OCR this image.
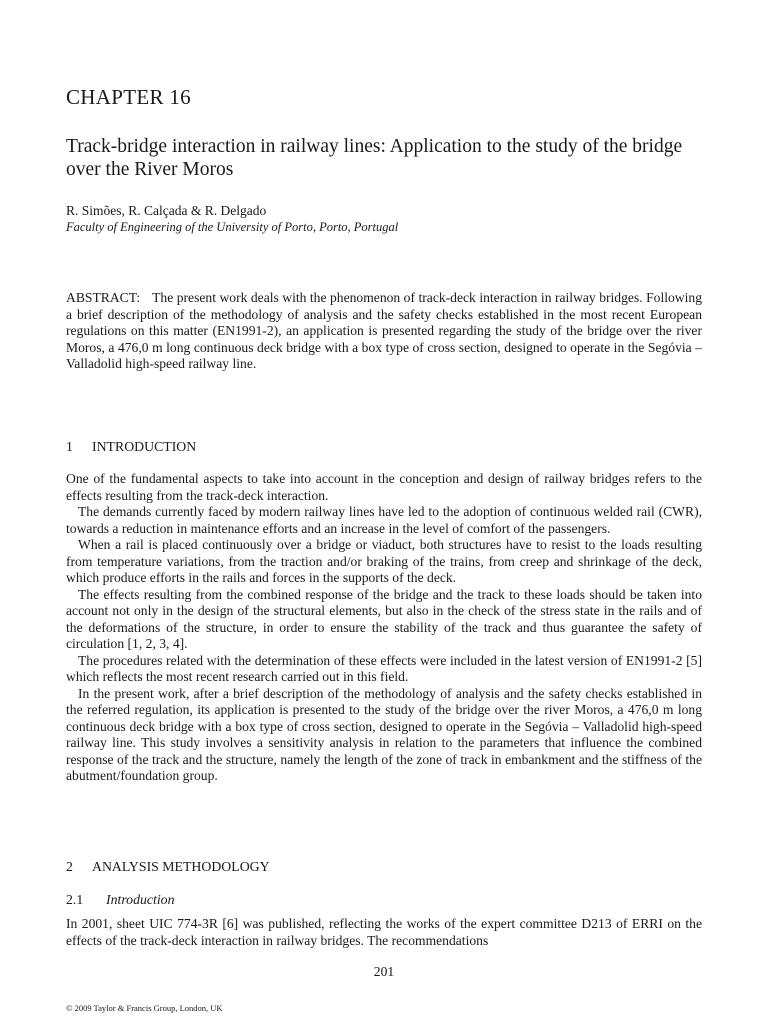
CHAPTER 16
Track-bridge interaction in railway lines: Application to the study of the bridge over the River Moros

R. Simões, R. Calçada & R. Delgado

Faculty of Engineering of the University of Porto, Porto, Portugal

ABSTRACT: The present work deals with the phenomenon of track-deck interaction in railway bridges. Following a brief description of the methodology of analysis and the safety checks established in the most recent European regulations on this matter (EN1991-2), an application is presented regarding the study of the bridge over the river Moros, a 476,0 m long continuous deck bridge with a box type of cross section, designed to operate in the Segóvia – Valladolid high-speed railway line.

1 INTRODUCTION

One of the fundamental aspects to take into account in the conception and design of railway bridges refers to the effects resulting from the track-deck interaction.

The demands currently faced by modern railway lines have led to the adoption of continuous welded rail (CWR), towards a reduction in maintenance efforts and an increase in the level of comfort of the passengers.

When a rail is placed continuously over a bridge or viaduct, both structures have to resist to the loads resulting from temperature variations, from the traction and/or braking of the trains, from creep and shrinkage of the deck, which produce efforts in the rails and forces in the supports of the deck.

The effects resulting from the combined response of the bridge and the track to these loads should be taken into account not only in the design of the structural elements, but also in the check of the stress state in the rails and of the deformations of the structure, in order to ensure the stability of the track and thus guarantee the safety of circulation [1, 2, 3, 4].

The procedures related with the determination of these effects were included in the latest version of EN1991-2 [5] which reflects the most recent research carried out in this field.

In the present work, after a brief description of the methodology of analysis and the safety checks established in the referred regulation, its application is presented to the study of the bridge over the river Moros, a 476,0 m long continuous deck bridge with a box type of cross section, designed to operate in the Segóvia – Valladolid high-speed railway line. This study involves a sensitivity analysis in relation to the parameters that influence the combined response of the track and the structure, namely the length of the zone of track in embankment and the stiffness of the abutment/foundation group.

2 ANALYSIS METHODOLOGY
2.1 Introduction

In 2001, sheet UIC 774-3R [6] was published, reflecting the works of the expert committee D213 of ERRI on the effects of the track-deck interaction in railway bridges. The recommendations

201

© 2009 Taylor & Francis Group, London, UK
